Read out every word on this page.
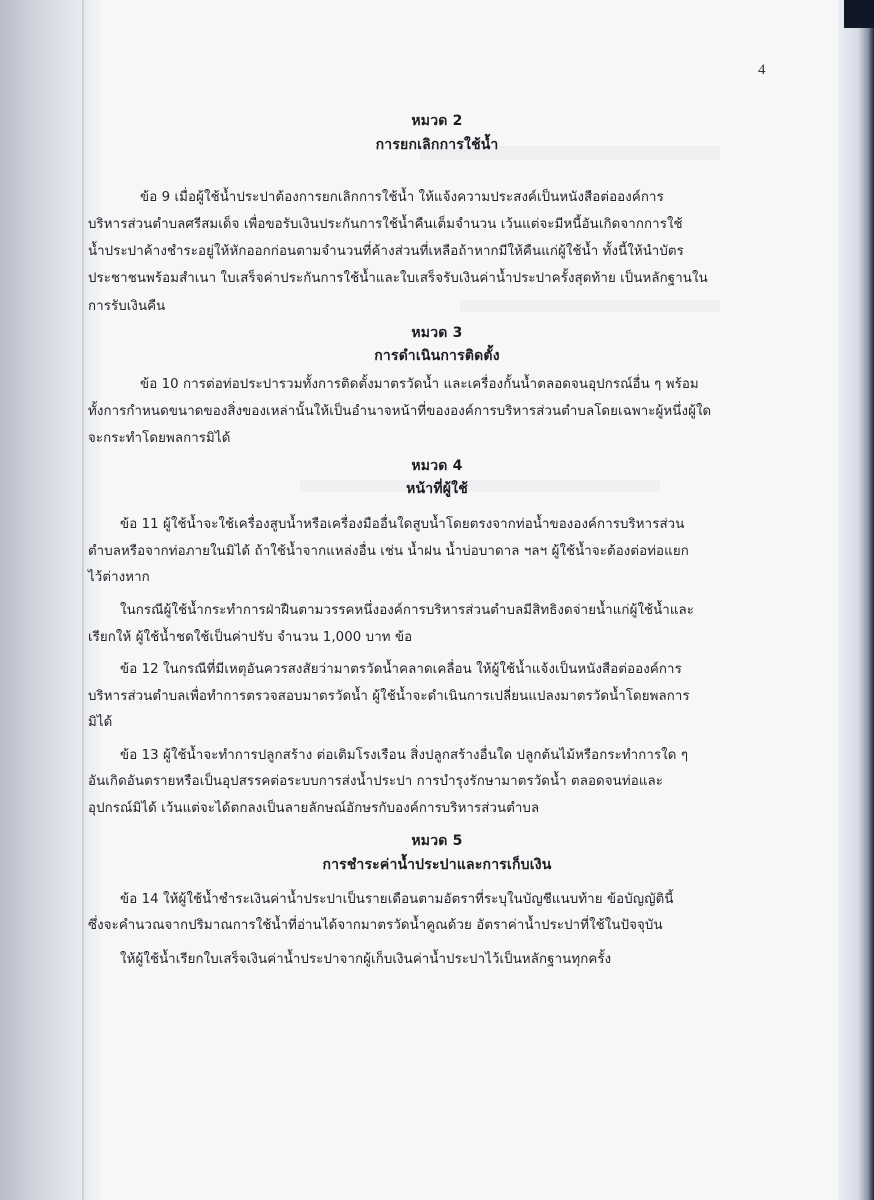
4
หมวด 2
การยกเลิกการใช้น้ำ
ข้อ 9 เมื่อผู้ใช้น้ำประปาต้องการยกเลิกการใช้น้ำ ให้แจ้งความประสงค์เป็นหนังสือต่อองค์การ
บริหารส่วนตำบลศรีสมเด็จ เพื่อขอรับเงินประกันการใช้น้ำคืนเต็มจำนวน เว้นแต่จะมีหนี้อันเกิดจากการใช้
น้ำประปาค้างชำระอยู่ให้หักออกก่อนตามจำนวนที่ค้างส่วนที่เหลือถ้าหากมีให้คืนแก่ผู้ใช้น้ำ ทั้งนี้ให้นำบัตร
ประชาชนพร้อมสำเนา ใบเสร็จค่าประกันการใช้น้ำและใบเสร็จรับเงินค่าน้ำประปาครั้งสุดท้าย เป็นหลักฐานใน
การรับเงินคืน
หมวด 3
การดำเนินการติดตั้ง
ข้อ 10 การต่อท่อประปารวมทั้งการติดตั้งมาตรวัดน้ำ และเครื่องกั้นน้ำตลอดจนอุปกรณ์อื่น ๆ พร้อม
ทั้งการกำหนดขนาดของสิ่งของเหล่านั้นให้เป็นอำนาจหน้าที่ขององค์การบริหารส่วนตำบลโดยเฉพาะผู้หนึ่งผู้ใด
จะกระทำโดยพลการมิได้
หมวด 4
หน้าที่ผู้ใช้
ข้อ 11 ผู้ใช้น้ำจะใช้เครื่องสูบน้ำหรือเครื่องมืออื่นใดสูบน้ำโดยตรงจากท่อน้ำขององค์การบริหารส่วน
ตำบลหรือจากท่อภายในมิได้ ถ้าใช้น้ำจากแหล่งอื่น เช่น น้ำฝน น้ำบ่อบาดาล ฯลฯ ผู้ใช้น้ำจะต้องต่อท่อแยก
ไว้ต่างหาก
ในกรณีผู้ใช้น้ำกระทำการฝ่าฝืนตามวรรคหนึ่งองค์การบริหารส่วนตำบลมีสิทธิงดจ่ายน้ำแก่ผู้ใช้น้ำและ
เรียกให้ ผู้ใช้น้ำชดใช้เป็นค่าปรับ จำนวน 1,000 บาท ข้อ
ข้อ 12 ในกรณีที่มีเหตุอันควรสงสัยว่ามาตรวัดน้ำคลาดเคลื่อน ให้ผู้ใช้น้ำแจ้งเป็นหนังสือต่อองค์การ
บริหารส่วนตำบลเพื่อทำการตรวจสอบมาตรวัดน้ำ ผู้ใช้น้ำจะดำเนินการเปลี่ยนแปลงมาตรวัดน้ำโดยพลการ
มิได้
ข้อ 13 ผู้ใช้น้ำจะทำการปลูกสร้าง ต่อเติมโรงเรือน สิ่งปลูกสร้างอื่นใด ปลูกต้นไม้หรือกระทำการใด ๆ
อันเกิดอันตรายหรือเป็นอุปสรรคต่อระบบการส่งน้ำประปา การบำรุงรักษามาตรวัดน้ำ ตลอดจนท่อและ
อุปกรณ์มิได้ เว้นแต่จะได้ตกลงเป็นลายลักษณ์อักษรกับองค์การบริหารส่วนตำบล
หมวด 5
การชำระค่าน้ำประปาและการเก็บเงิน
ข้อ 14 ให้ผู้ใช้น้ำชำระเงินค่าน้ำประปาเป็นรายเดือนตามอัตราที่ระบุในบัญชีแนบท้าย ข้อบัญญัตินี้
ซึ่งจะคำนวณจากปริมาณการใช้น้ำที่อ่านได้จากมาตรวัดน้ำคูณด้วย อัตราค่าน้ำประปาที่ใช้ในปัจจุบัน
ให้ผู้ใช้น้ำเรียกใบเสร็จเงินค่าน้ำประปาจากผู้เก็บเงินค่าน้ำประปาไว้เป็นหลักฐานทุกครั้ง
